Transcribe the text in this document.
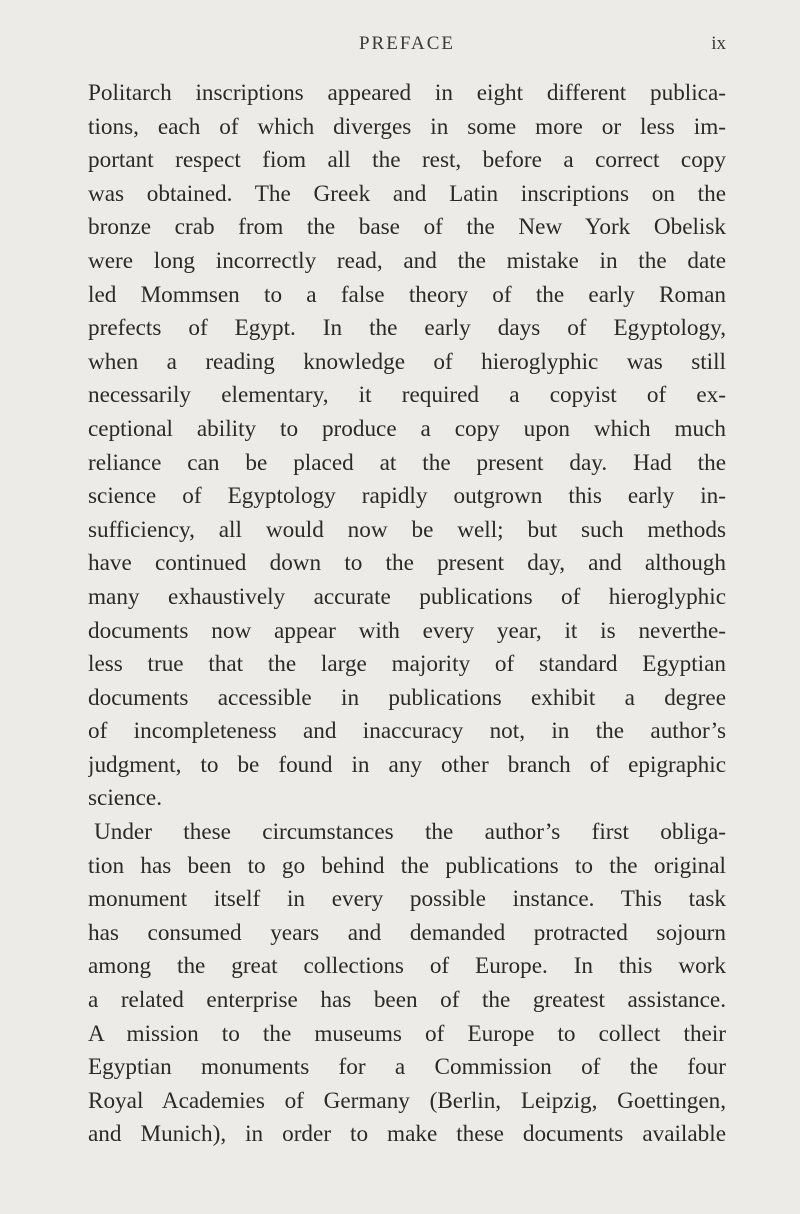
PREFACE	ix
Politarch inscriptions appeared in eight different publica-
tions, each of which diverges in some more or less im-
portant respect fiom all the rest, before a correct copy
was obtained. The Greek and Latin inscriptions on the
bronze crab from the base of the New York Obelisk
were long incorrectly read, and the mistake in the date
led Mommsen to a false theory of the early Roman
prefects of Egypt. In the early days of Egyptology,
when a reading knowledge of hieroglyphic was still
necessarily elementary, it required a copyist of ex-
ceptional ability to produce a copy upon which much
reliance can be placed at the present day. Had the
science of Egyptology rapidly outgrown this early in-
sufficiency, all would now be well; but such methods
have continued down to the present day, and although
many exhaustively accurate publications of hieroglyphic
documents now appear with every year, it is neverthe-
less true that the large majority of standard Egyptian
documents accessible in publications exhibit a degree
of incompleteness and inaccuracy not, in the author’s
judgment, to be found in any other branch of epigraphic
science.
Under these circumstances the author’s first obliga-
tion has been to go behind the publications to the original
monument itself in every possible instance. This task
has consumed years and demanded protracted sojourn
among the great collections of Europe. In this work
a related enterprise has been of the greatest assistance.
A mission to the museums of Europe to collect their
Egyptian monuments for a Commission of the four
Royal Academies of Germany (Berlin, Leipzig, Goettingen,
and Munich), in order to make these documents available
